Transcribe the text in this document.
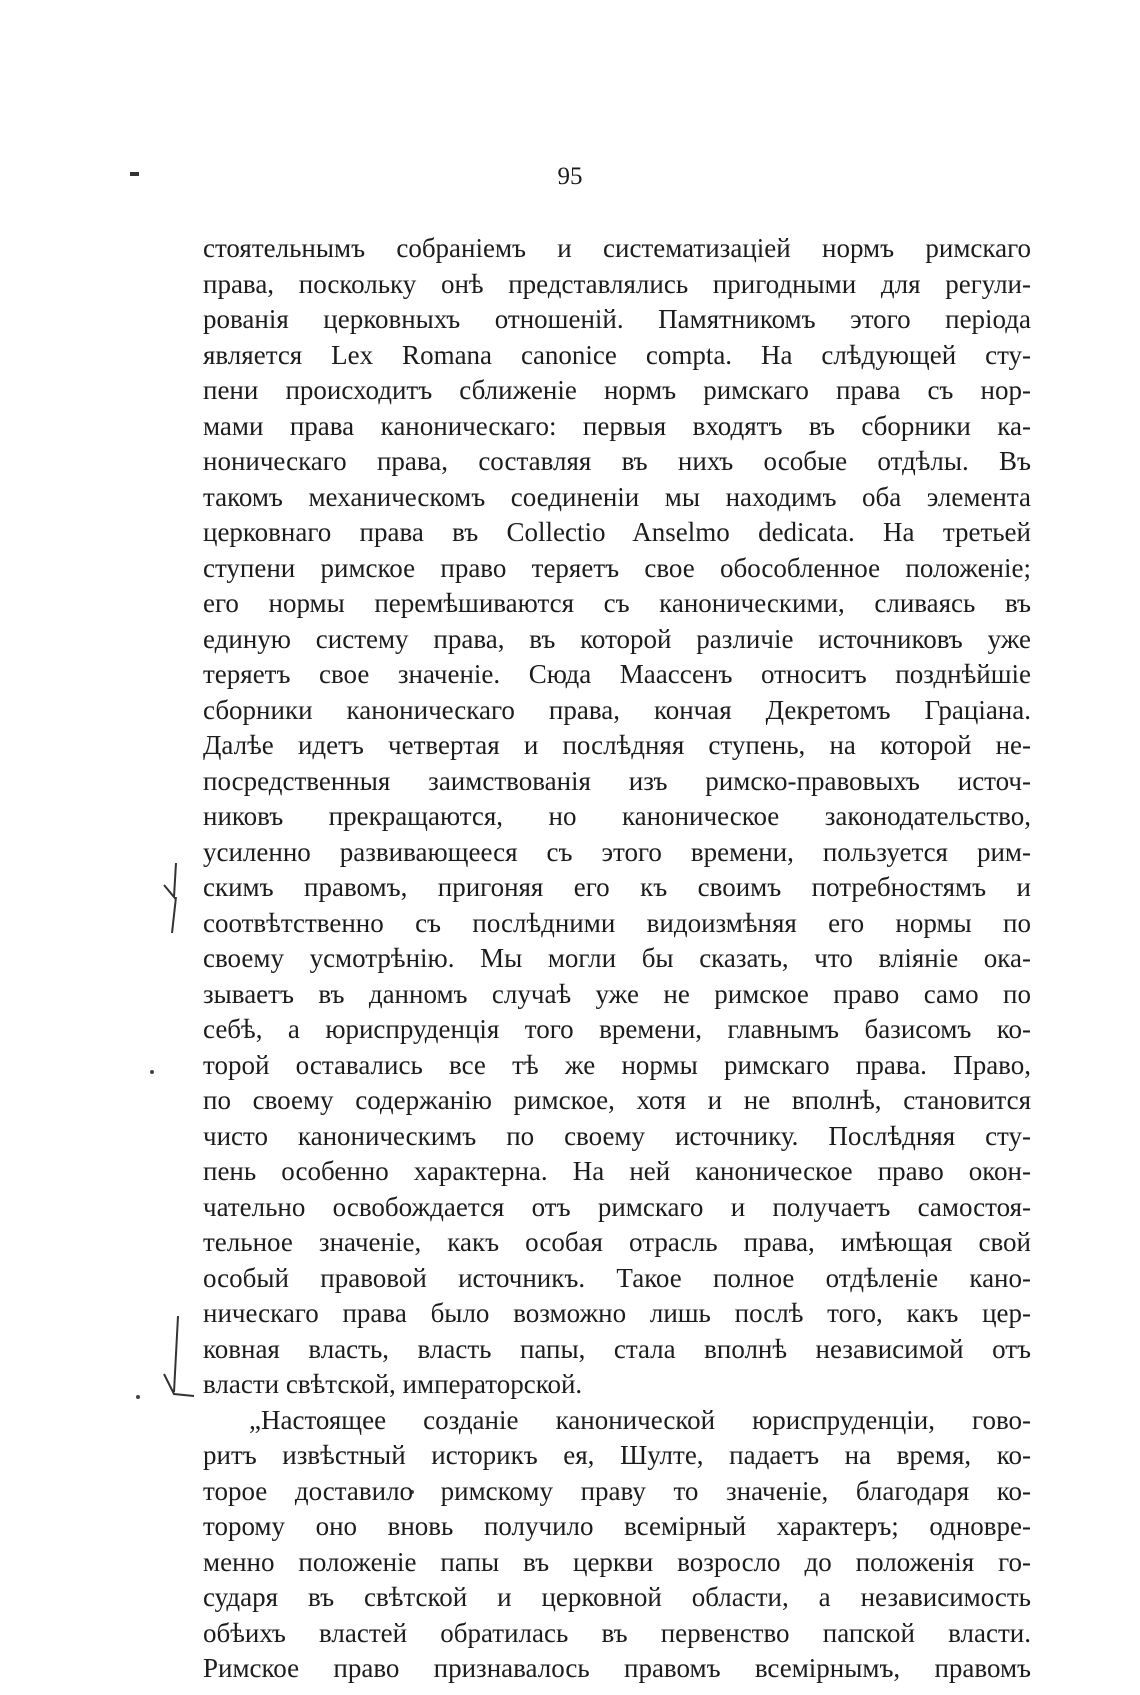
95
стоятельнымъ собраніемъ и систематизаціей нормъ римскаго
права, поскольку онѣ представлялись пригодными для регули-
рованія церковныхъ отношеній. Памятникомъ этого періода
является Lex Romana canonice compta. На слѣдующей сту-
пени происходитъ сближеніе нормъ римскаго права съ нор-
мами права каноническаго: первыя входятъ въ сборники ка-
ноническаго права, составляя въ нихъ особые отдѣлы. Въ
такомъ механическомъ соединеніи мы находимъ оба элемента
церковнаго права въ Collectio Anselmo dedicata. На третьей
ступени римское право теряетъ свое обособленное положеніе;
его нормы перемѣшиваются съ каноническими, сливаясь въ
единую систему права, въ которой различіе источниковъ уже
теряетъ свое значеніе. Сюда Маассенъ относитъ позднѣйшіе
сборники каноническаго права, кончая Декретомъ Граціана.
Далѣе идетъ четвертая и послѣдняя ступень, на которой не-
посредственныя заимствованія изъ римско-правовыхъ источ-
никовъ прекращаются, но каноническое законодательство,
усиленно развивающееся съ этого времени, пользуется рим-
скимъ правомъ, пригоняя его къ своимъ потребностямъ и
соотвѣтственно съ послѣдними видоизмѣняя его нормы по
своему усмотрѣнію. Мы могли бы сказать, что вліяніе ока-
зываетъ въ данномъ случаѣ уже не римское право само по
себѣ, а юриспруденція того времени, главнымъ базисомъ ко-
торой оставались все тѣ же нормы римскаго права. Право,
по своему содержанію римское, хотя и не вполнѣ, становится
чисто каноническимъ по своему источнику. Послѣдняя сту-
пень особенно характерна. На ней каноническое право окон-
чательно освобождается отъ римскаго и получаетъ самостоя-
тельное значеніе, какъ особая отрасль права, имѣющая свой
особый правовой источникъ. Такое полное отдѣленіе кано-
ническаго права было возможно лишь послѣ того, какъ цер-
ковная власть, власть папы, стала вполнѣ независимой отъ
власти свѣтской, императорской.
„Настоящее созданіе канонической юриспруденціи, гово-
ритъ извѣстный историкъ ея, Шулте, падаетъ на время, ко-
торое доставило римскому праву то значеніе, благодаря ко-
торому оно вновь получило всемірный характеръ; одновре-
менно положеніе папы въ церкви возросло до положенія го-
сударя въ свѣтской и церковной области, а независимость
обѣихъ властей обратилась въ первенство папской власти.
Римское право признавалось правомъ всемірнымъ, правомъ
